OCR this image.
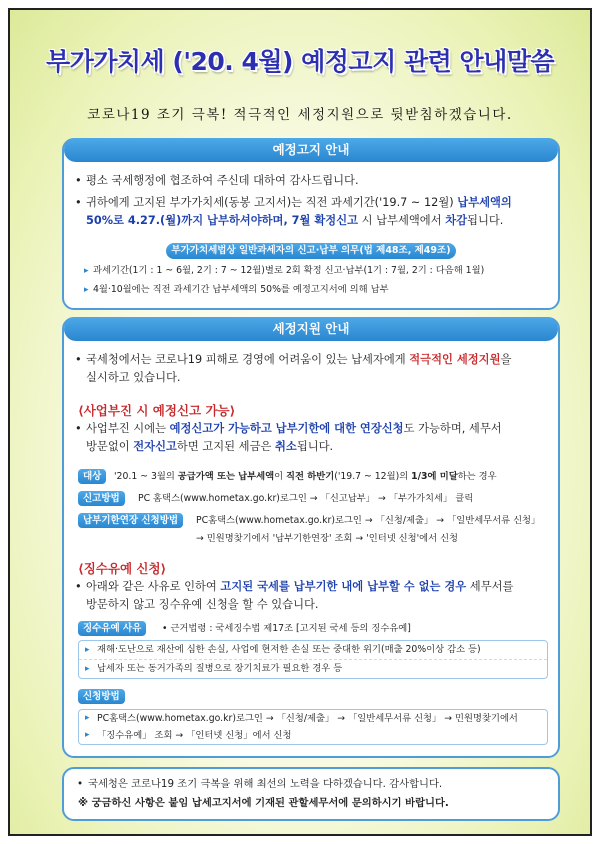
부가가치세 ('20. 4월) 예정고지 관련 안내말씀
코로나19 조기 극복! 적극적인 세정지원으로 뒷받침하겠습니다.
예정고지 안내
• 평소 국세행정에 협조하여 주신데 대하여 감사드립니다.
• 귀하에게 고지된 부가가치세(동봉 고지서)는 직전 과세기간('19.7 ~ 12월) 납부세액의
50%로 4.27.(월)까지 납부하셔야하며, 7월 확정신고 시 납부세액에서 차감됩니다.
부가가치세법상 일반과세자의 신고·납부 의무(법 제48조, 제49조)
▸ 과세기간(1기 : 1 ~ 6월, 2기 : 7 ~ 12월)별로 2회 확정 신고·납부(1기 : 7월, 2기 : 다음해 1월)
▸ 4월·10월에는 직전 과세기간 납부세액의 50%를 예정고지서에 의해 납부
세정지원 안내
• 국세청에서는 코로나19 피해로 경영에 어려움이 있는 납세자에게 적극적인 세정지원을
실시하고 있습니다.
⟨사업부진 시 예정신고 가능⟩
• 사업부진 시에는 예정신고가 가능하고 납부기한에 대한 연장신청도 가능하며, 세무서
방문없이 전자신고하면 고지된 세금은 취소됩니다.
대상	'20.1 ~ 3월의 공급가액 또는 납부세액이 직전 하반기('19.7 ~ 12월)의 1/3에 미달하는 경우
신고방법	PC 홈택스(www.hometax.go.kr)로그인 → 「신고납부」 → 「부가가치세」 클릭
납부기한연장 신청방법	PC홈택스(www.hometax.go.kr)로그인 → 「신청/제출」 → 「일반세무서류 신청」
→ 민원명찾기에서 '납부기한연장' 조회 → '인터넷 신청'에서 신청
⟨징수유예 신청⟩
• 아래와 같은 사유로 인하여 고지된 국세를 납부기한 내에 납부할 수 없는 경우 세무서를
방문하지 않고 징수유예 신청을 할 수 있습니다.
징수유예 사유	• 근거법령 : 국세징수법 제17조 [고지된 국세 등의 징수유예]
▸ 재해·도난으로 재산에 심한 손실, 사업에 현저한 손실 또는 중대한 위기(매출 20%이상 감소 등)
▸ 납세자 또는 동거가족의 질병으로 장기치료가 필요한 경우 등
신청방법
▸ PC홈택스(www.hometax.go.kr)로그인 → 「신청/제출」 → 「일반세무서류 신청」 → 민원명찾기에서
▸ 「징수유예」 조회 → 「인터넷 신청」에서 신청
• 국세청은 코로나19 조기 극복을 위해 최선의 노력을 다하겠습니다. 감사합니다.
※ 궁금하신 사항은 붙임 납세고지서에 기재된 관할세무서에 문의하시기 바랍니다.
